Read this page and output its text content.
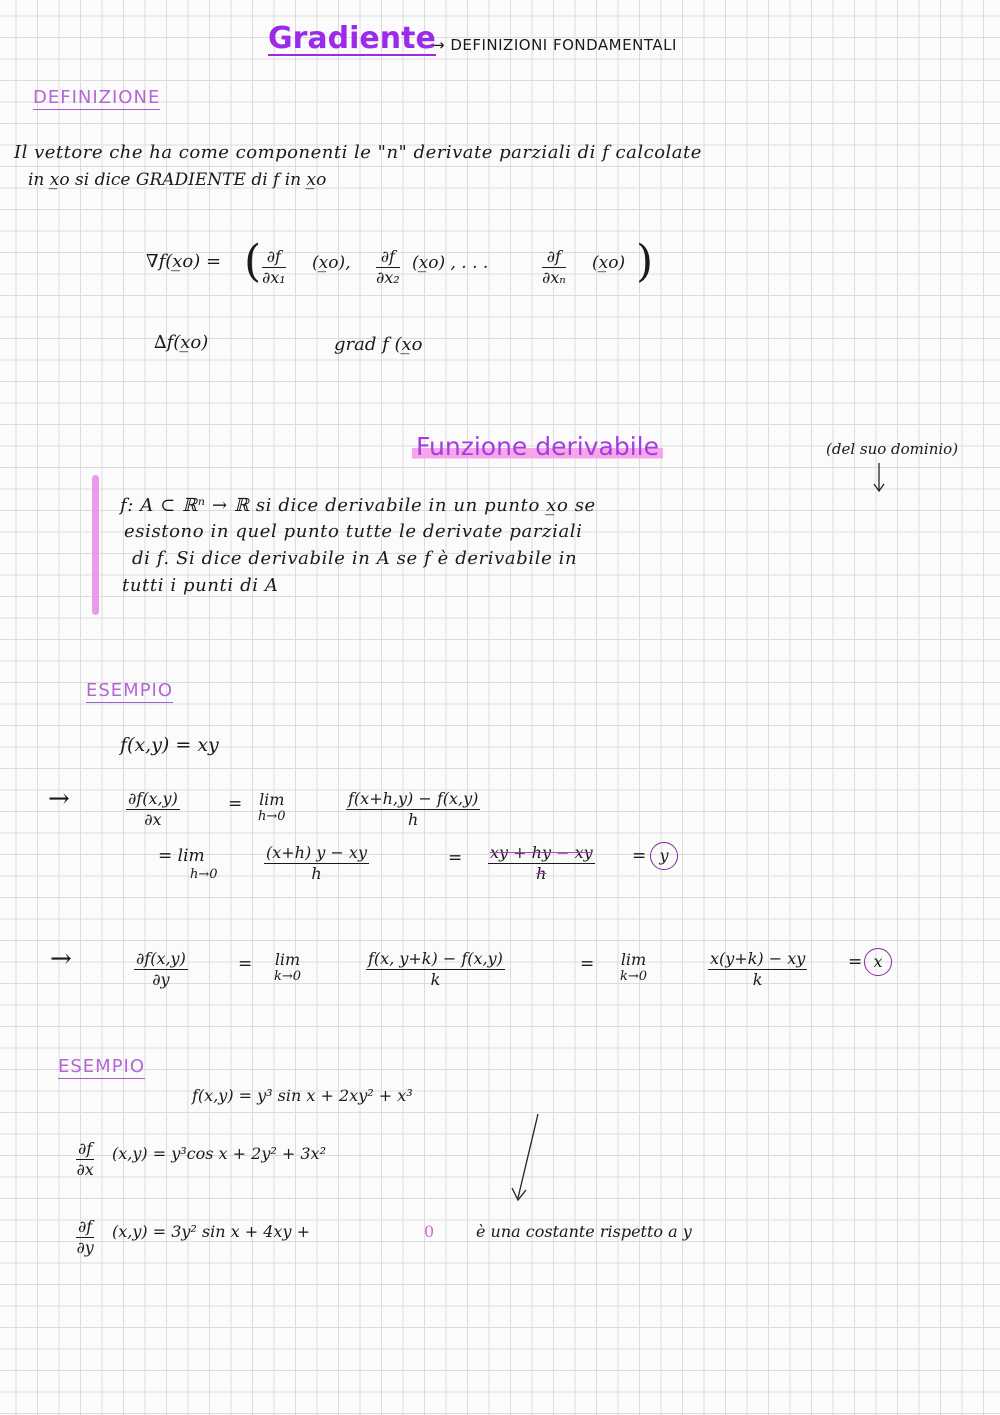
Gradiente
→ DEFINIZIONI FONDAMENTALI
DEFINIZIONE
Il vettore che ha come componenti le "n" derivate parziali di f calcolate
in x̲o si dice GRADIENTE di f in x̲o
∇f(x̲o) = ( $\frac{\partial f}{\text{∂x₁}}$ (x̲o), $\frac{\partial f}{\text{∂x₂}}$ (x̲o) , . . .	$\frac{\partial f}{\text{∂xₙ}}$ (x̲o) )
∆f(x̲o)	grad f (x̲o
Funzione derivabile	(del suo dominio)
f: A ⊂ ℝⁿ → ℝ si dice derivabile in un punto x̲o se
esistono in quel punto tutte le derivate parziali
di f. Si dice derivabile in A se f è derivabile in
tutti i punti di A
ESEMPIO
f(x,y) = xy
→	$\frac{\partial f(x,y)}{\partial x}$	= lim
h→0	$\frac{f(x+h,y) - f(x,y)}{h}$
= lim
h→0	$\frac{(x+h) y - xy}{h}$	= $\frac{xy + hy - xy}{h} = y$
→	$\frac{\partial f(x,y)}{\partial y}$	= lim
k→0	$\frac{f(x, y+k) - f(x,y)}{k}$	= lim
k→0	$\frac{x(y+k) - xy}{k} = x$
ESEMPIO
f(x,y) = y³ sin x + 2xy² + x³
$\frac{\partial f}{\partial x} (x,y) = y^3\cos$ x + 2y² + 3x²
$\frac{\partial f}{\partial y} (x,y) = 3y^2$ sin x + 4xy +	0	è una costante rispetto a y
